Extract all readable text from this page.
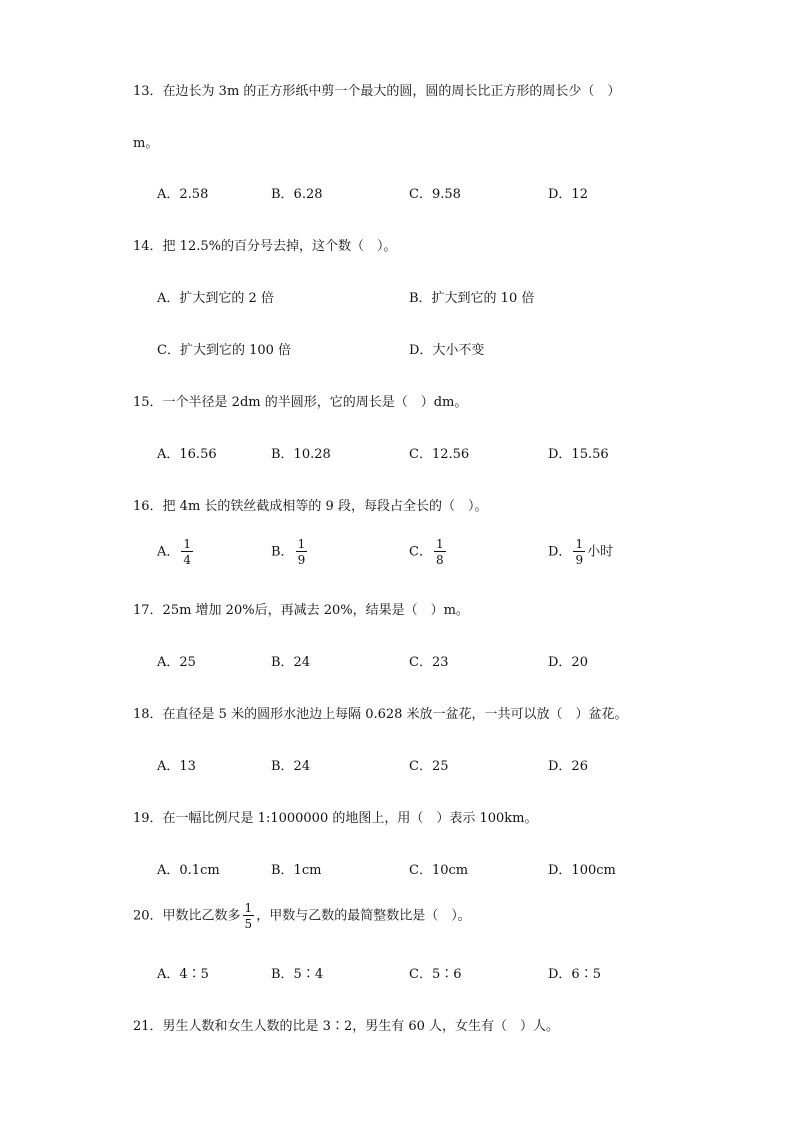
13．在边长为 3m 的正方形纸中剪一个最大的圆，圆的周长比正方形的周长少（　）
m。
A．2.58	B．6.28	C．9.58	D．12
14．把 12.5%的百分号去掉，这个数（　）。
A．扩大到它的 2 倍	B．扩大到它的 10 倍
C．扩大到它的 100 倍	D．大小不变
15．一个半径是 2dm 的半圆形，它的周长是（　）dm。
A．16.56	B．10.28	C．12.56	D．15.56
16．把 4m 长的铁丝截成相等的 9 段，每段占全长的（　）。
A． $\frac{1}{4}$	B． $\frac{1}{9}$	C． $\frac{1}{8}$	D． $\frac{1}{9}$ 小时
17．25m 增加 20%后，再减去 20%，结果是（　）m。
A．25	B．24	C．23	D．20
18．在直径是 5 米的圆形水池边上每隔 0.628 米放一盆花，一共可以放（　）盆花。
A．13	B．24	C．25	D．26
19．在一幅比例尺是 1:1000000 的地图上，用（　）表示 100km。
A．0.1cm	B．1cm	C．10cm	D．100cm
20．甲数比乙数多 $\frac{1}{5}$ ，甲数与乙数的最简整数比是（　）。
A．4∶5	B．5∶4	C．5∶6	D．6∶5
21．男生人数和女生人数的比是 3∶2，男生有 60 人，女生有（　）人。
